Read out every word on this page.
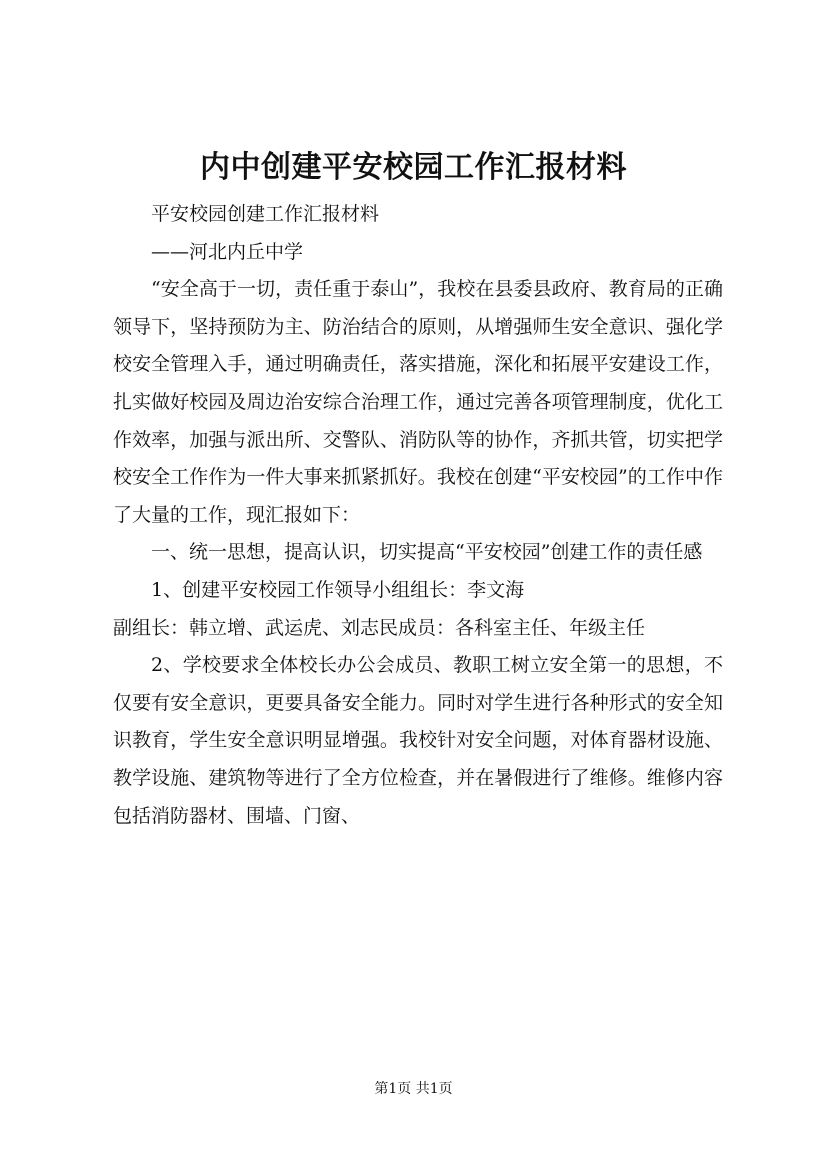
内中创建平安校园工作汇报材料

平安校园创建工作汇报材料

——河北内丘中学

“安全高于一切，责任重于泰山”，我校在县委县政府、教育局的正确领导下，坚持预防为主、防治结合的原则，从增强师生安全意识、强化学校安全管理入手，通过明确责任，落实措施，深化和拓展平安建设工作，扎实做好校园及周边治安综合治理工作，通过完善各项管理制度，优化工作效率，加强与派出所、交警队、消防队等的协作，齐抓共管，切实把学校安全工作作为一件大事来抓紧抓好。我校在创建“平安校园”的工作中作了大量的工作，现汇报如下：

一、统一思想，提高认识，切实提高“平安校园”创建工作的责任感

1、创建平安校园工作领导小组组长：李文海

副组长：韩立增、武运虎、刘志民成员：各科室主任、年级主任

2、学校要求全体校长办公会成员、教职工树立安全第一的思想，不仅要有安全意识，更要具备安全能力。同时对学生进行各种形式的安全知识教育，学生安全意识明显增强。我校针对安全问题，对体育器材设施、教学设施、建筑物等进行了全方位检查，并在暑假进行了维修。维修内容包括消防器材、围墙、门窗、

第1页 共1页
